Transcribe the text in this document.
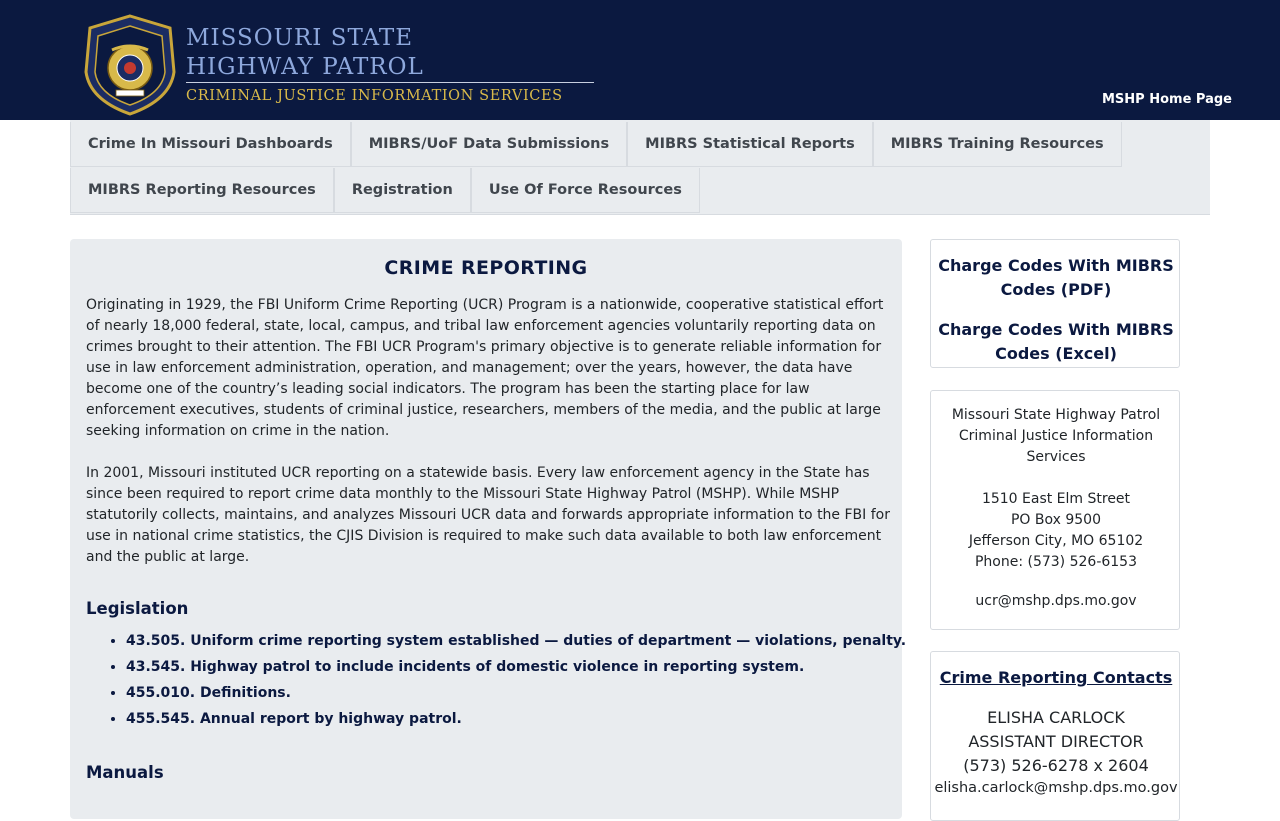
MISSOURI STATE
HIGHWAY PATROL
CRIMINAL JUSTICE INFORMATION SERVICES	MSHP Home Page
Crime In Missouri Dashboards	MIBRS/UoF Data Submissions	MIBRS Statistical Reports	MIBRS Training Resources
MIBRS Reporting Resources	Registration	Use Of Force Resources
CRIME REPORTING

Originating in 1929, the FBI Uniform Crime Reporting (UCR) Program is a nationwide, cooperative statistical effort of nearly 18,000 federal, state, local, campus, and tribal law enforcement agencies voluntarily reporting data on crimes brought to their attention. The FBI UCR Program's primary objective is to generate reliable information for use in law enforcement administration, operation, and management; over the years, however, the data have become one of the country’s leading social indicators. The program has been the starting place for law enforcement executives, students of criminal justice, researchers, members of the media, and the public at large seeking information on crime in the nation.

In 2001, Missouri instituted UCR reporting on a statewide basis. Every law enforcement agency in the State has since been required to report crime data monthly to the Missouri State Highway Patrol (MSHP). While MSHP statutorily collects, maintains, and analyzes Missouri UCR data and forwards appropriate information to the FBI for use in national crime statistics, the CJIS Division is required to make such data available to both law enforcement and the public at large.

Legislation
• 43.505. Uniform crime reporting system established — duties of department — violations, penalty.
• 43.545. Highway patrol to include incidents of domestic violence in reporting system.
• 455.010. Definitions.
• 455.545. Annual report by highway patrol.
Manuals
Charge Codes With MIBRS Codes (PDF)
Charge Codes With MIBRS Codes (Excel)
Missouri State Highway Patrol
Criminal Justice Information Services
1510 East Elm Street
PO Box 9500
Jefferson City, MO 65102
Phone: (573) 526-6153
ucr@mshp.dps.mo.gov
Crime Reporting Contacts
ELISHA CARLOCK
ASSISTANT DIRECTOR
(573) 526-6278 x 2604
elisha.carlock@mshp.dps.mo.gov
